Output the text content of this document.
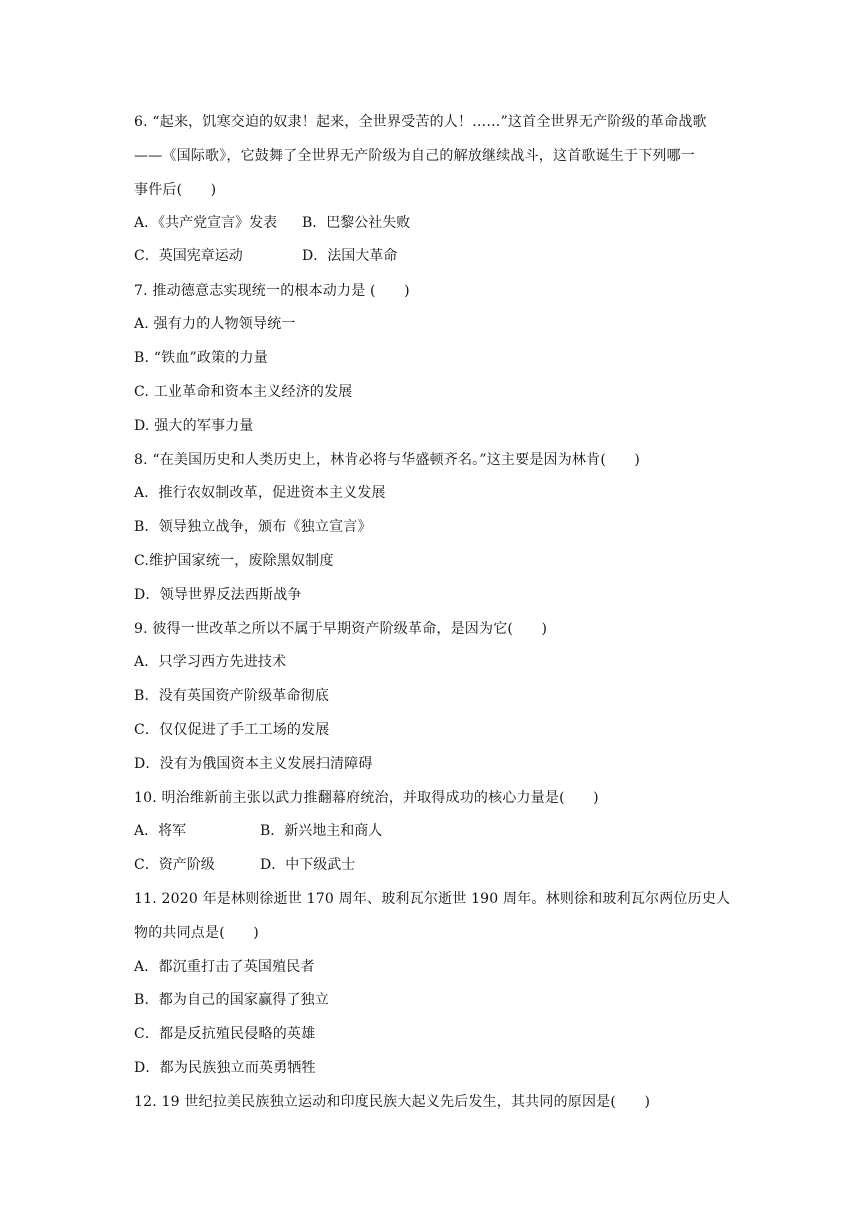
6. “起来，饥寒交迫的奴隶！起来，全世界受苦的人！……”这首全世界无产阶级的革命战歌
——《国际歌》，它鼓舞了全世界无产阶级为自己的解放继续战斗，这首歌诞生于下列哪一
事件后(　　)
A．《共产党宣言》发表 B．巴黎公社失败
C．英国宪章运动	D．法国大革命
7. 推动德意志实现统一的根本动力是 (　　)
A. 强有力的人物领导统一
B. “铁血”政策的力量
C. 工业革命和资本主义经济的发展
D. 强大的军事力量
8. “在美国历史和人类历史上，林肯必将与华盛顿齐名。”这主要是因为林肯(　　)
A．推行农奴制改革，促进资本主义发展
B．领导独立战争，颁布《独立宣言》
C.维护国家统一，废除黑奴制度
D．领导世界反法西斯战争
9. 彼得一世改革之所以不属于早期资产阶级革命，是因为它(　　)
A．只学习西方先进技术
B．没有英国资产阶级革命彻底
C．仅仅促进了手工工场的发展
D．没有为俄国资本主义发展扫清障碍
10. 明治维新前主张以武力推翻幕府统治，并取得成功的核心力量是(　　)
A．将军	B．新兴地主和商人
C．资产阶级	D．中下级武士
11. 2020 年是林则徐逝世 170 周年、玻利瓦尔逝世 190 周年。林则徐和玻利瓦尔两位历史人
物的共同点是(　　)
A．都沉重打击了英国殖民者
B．都为自己的国家赢得了独立
C．都是反抗殖民侵略的英雄
D．都为民族独立而英勇牺牲
12. 19 世纪拉美民族独立运动和印度民族大起义先后发生，其共同的原因是(　　)
